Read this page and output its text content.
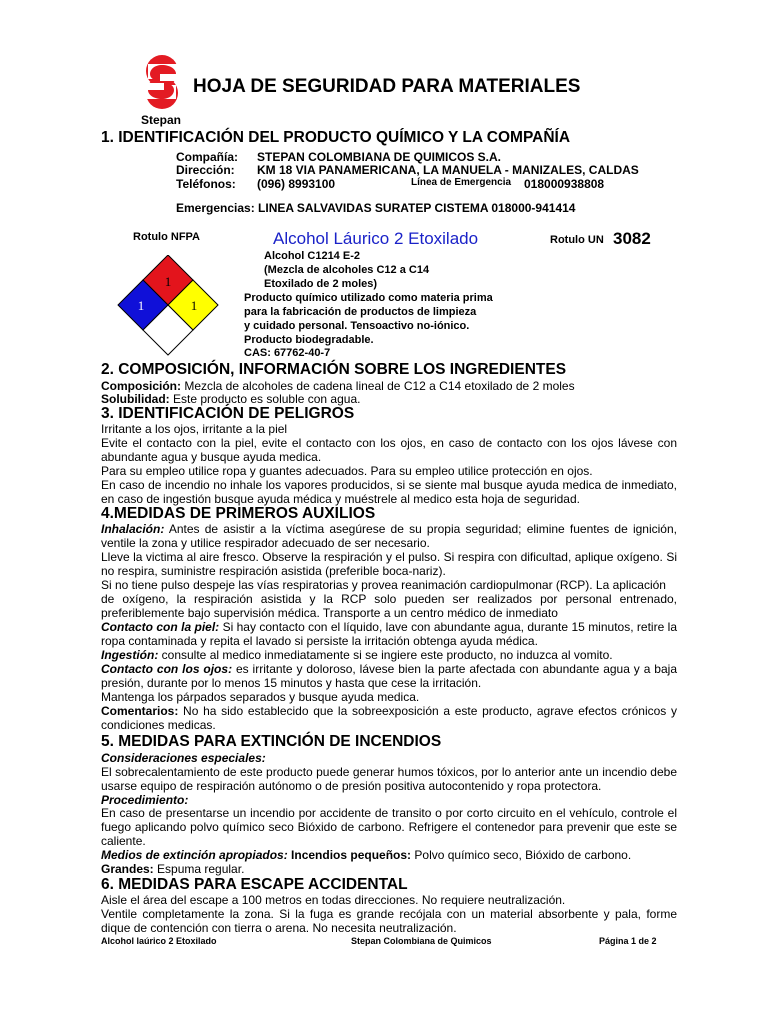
HOJA DE SEGURIDAD PARA MATERIALES
Stepan
1. IDENTIFICACIÓN DEL PRODUCTO QUÍMICO Y LA COMPAÑÍA
Compañía: STEPAN COLOMBIANA DE QUIMICOS S.A.
Dirección: KM 18 VIA PANAMERICANA, LA MANUELA - MANIZALES, CALDAS
Teléfonos: (096) 8993100	Línea de Emergencia 018000938808
Emergencias: LINEA SALVAVIDAS SURATEP CISTEMA 018000-941414
Rotulo NFPA	Alcohol Láurico 2 Etoxilado	Rotulo UN 3082
1
1	1
Alcohol C1214 E-2
(Mezcla de alcoholes C12 a C14
Etoxilado de 2 moles)
Producto químico utilizado como materia prima
para la fabricación de productos de limpieza
y cuidado personal. Tensoactivo no-iónico.
Producto biodegradable.
CAS: 67762-40-7
2. COMPOSICIÓN, INFORMACIÓN SOBRE LOS INGREDIENTES
Composición: Mezcla de alcoholes de cadena lineal de C12 a C14 etoxilado de 2 moles
Solubilidad: Este producto es soluble con agua.
3. IDENTIFICACIÓN DE PELIGROS
Irritante a los ojos, irritante a la piel
Evite el contacto con la piel, evite el contacto con los ojos, en caso de contacto con los ojos lávese con abundante agua y busque ayuda medica.
Para su empleo utilice ropa y guantes adecuados. Para su empleo utilice protección en ojos.
En caso de incendio no inhale los vapores producidos, si se siente mal busque ayuda medica de inmediato,
en caso de ingestión busque ayuda médica y muéstrele al medico esta hoja de seguridad.
4.MEDIDAS DE PRIMEROS AUXILIOS
Inhalación: Antes de asistir a la víctima asegúrese de su propia seguridad; elimine fuentes de ignición, ventile la zona y utilice respirador adecuado de ser necesario.
Lleve la victima al aire fresco. Observe la respiración y el pulso. Si respira con dificultad, aplique oxígeno. Si no respira, suministre respiración asistida (preferible boca-nariz).
Si no tiene pulso despeje las vías respiratorias y provea reanimación cardiopulmonar (RCP). La aplicación
de oxígeno, la respiración asistida y la RCP solo pueden ser realizados por personal entrenado, preferiblemente bajo supervisión médica. Transporte a un centro médico de inmediato
Contacto con la piel: Si hay contacto con el líquido, lave con abundante agua, durante 15 minutos, retire la ropa contaminada y repita el lavado si persiste la irritación obtenga ayuda médica.
Ingestión: consulte al medico inmediatamente si se ingiere este producto, no induzca al vomito.
Contacto con los ojos: es irritante y doloroso, lávese bien la parte afectada con abundante agua y a baja presión, durante por lo menos 15 minutos y hasta que cese la irritación.
Mantenga los párpados separados y busque ayuda medica.
Comentarios: No ha sido establecido que la sobreexposición a este producto, agrave efectos crónicos y condiciones medicas.
5. MEDIDAS PARA EXTINCIÓN DE INCENDIOS
Consideraciones especiales:
El sobrecalentamiento de este producto puede generar humos tóxicos, por lo anterior ante un incendio debe usarse equipo de respiración autónomo o de presión positiva autocontenido y ropa protectora.
Procedimiento:
En caso de presentarse un incendio por accidente de transito o por corto circuito en el vehículo, controle el fuego aplicando polvo químico seco Bióxido de carbono. Refrigere el contenedor para prevenir que este se caliente.
Medios de extinción apropiados: Incendios pequeños: Polvo químico seco, Bióxido de carbono.
Grandes: Espuma regular.
6. MEDIDAS PARA ESCAPE ACCIDENTAL
Aisle el área del escape a 100 metros en todas direcciones. No requiere neutralización.
Ventile completamente la zona. Si la fuga es grande recójala con un material absorbente y pala, forme dique de contención con tierra o arena. No necesita neutralización.
Alcohol laúrico 2 Etoxilado	Stepan Colombiana de Quimicos	Página 1 de 2
